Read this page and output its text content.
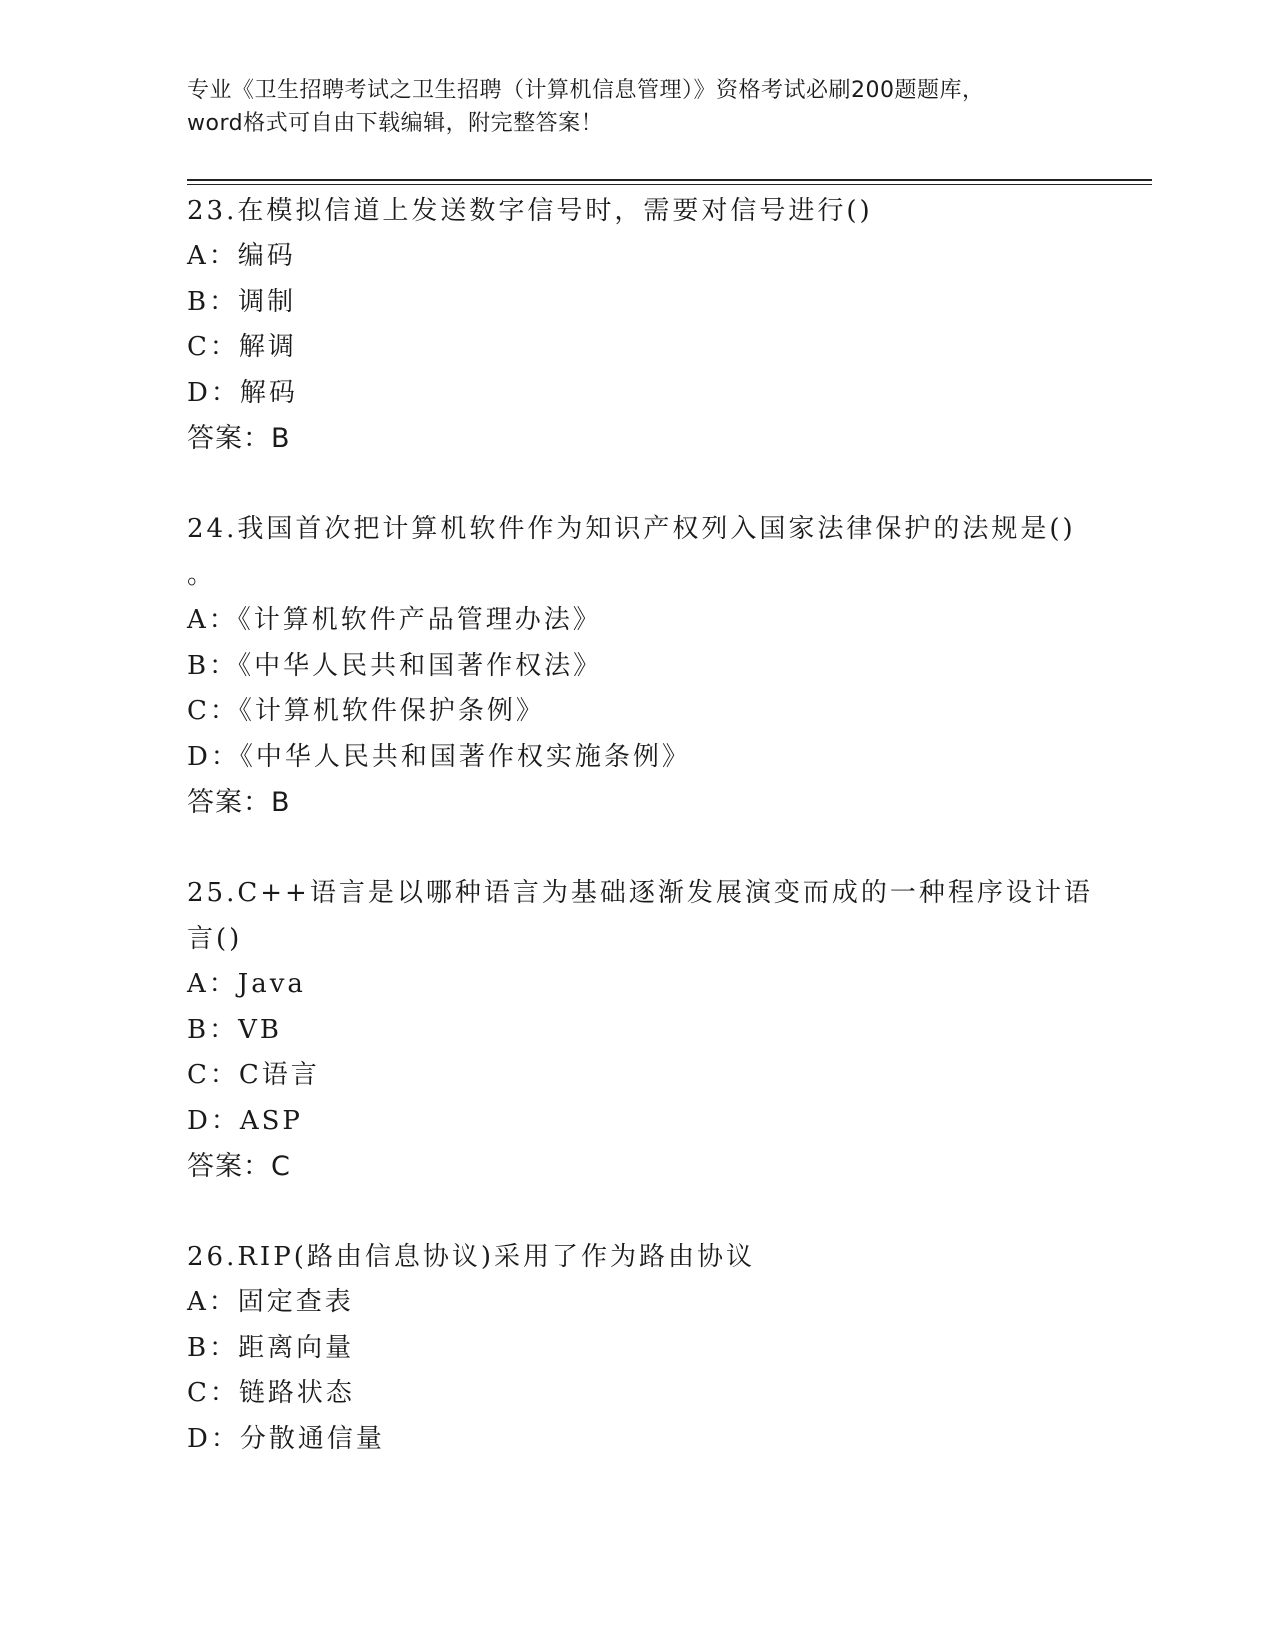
专业《卫生招聘考试之卫生招聘（计算机信息管理）》资格考试必刷200题题库，
word格式可自由下载编辑，附完整答案！
23.在模拟信道上发送数字信号时，需要对信号进行()
A：编码
B：调制
C：解调
D：解码
答案：B
24.我国首次把计算机软件作为知识产权列入国家法律保护的法规是()
。
A：《计算机软件产品管理办法》
B：《中华人民共和国著作权法》
C：《计算机软件保护条例》
D：《中华人民共和国著作权实施条例》
答案：B
25.C++语言是以哪种语言为基础逐渐发展演变而成的一种程序设计语
言()
A：Java
B：VB
C：C语言
D：ASP
答案：C
26.RIP(路由信息协议)采用了作为路由协议
A：固定查表
B：距离向量
C：链路状态
D：分散通信量
